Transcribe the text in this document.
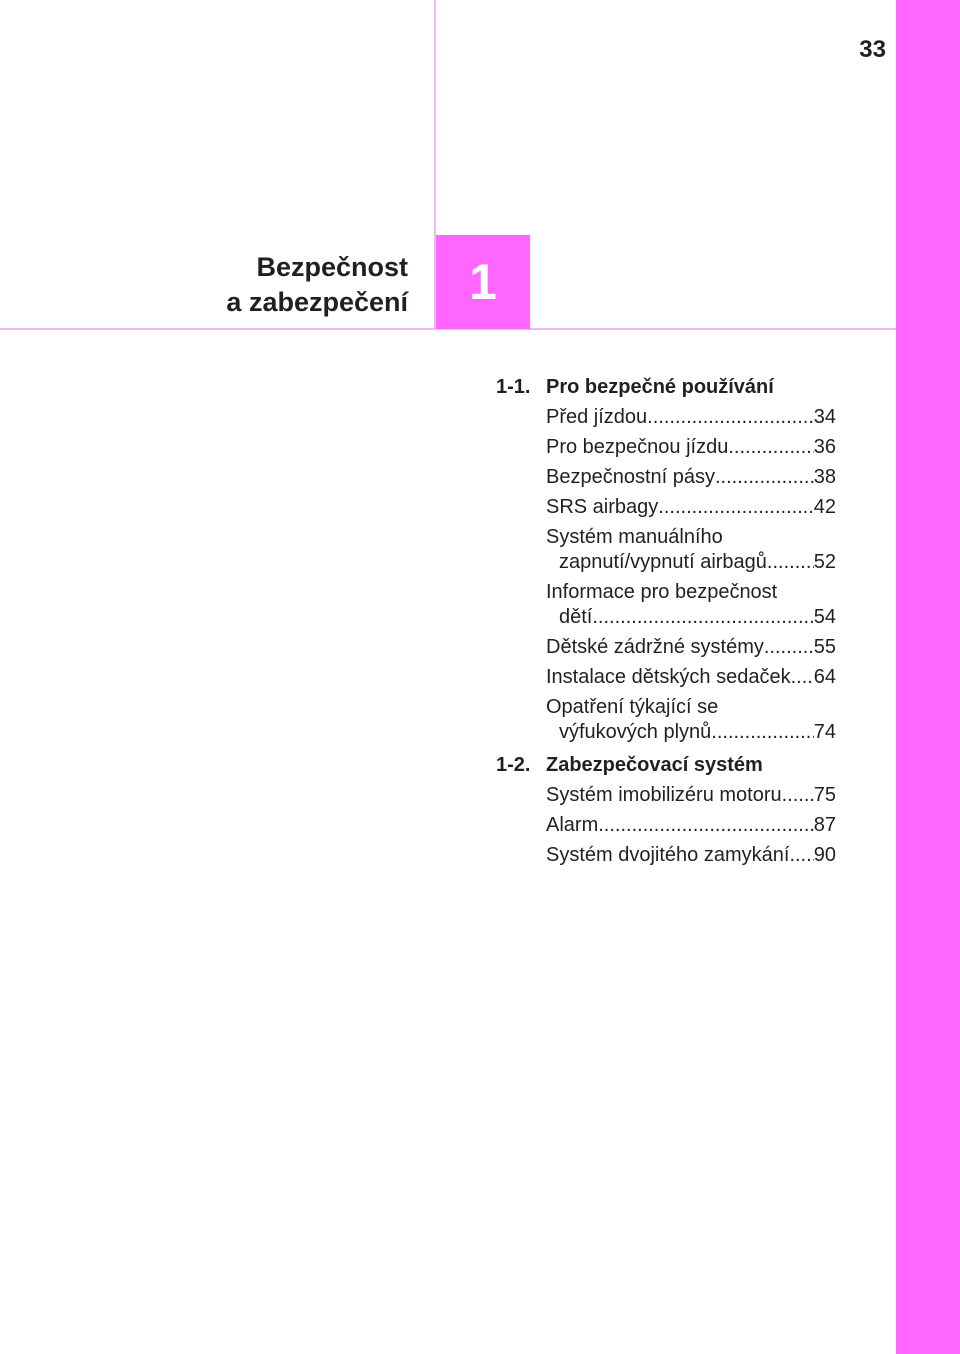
33
Bezpečnost
a zabezpečení 1
1-1. Pro bezpečné používání
Před jízdou .....	34
Pro bezpečnou jízdu .....	36
Bezpečnostní pásy .....	38
SRS airbagy .....	42
Systém manuálního
zapnutí/vypnutí airbagů ..... 52
Informace pro bezpečnost
dětí .....	54
Dětské zádržné systémy ..... 55
Instalace dětských sedaček ..... 64
Opatření týkající se
výfukových plynů .....	74
1-2. Zabezpečovací systém
Systém imobilizéru motoru ..... 75
Alarm .....	87
Systém dvojitého zamykání ..... 90
